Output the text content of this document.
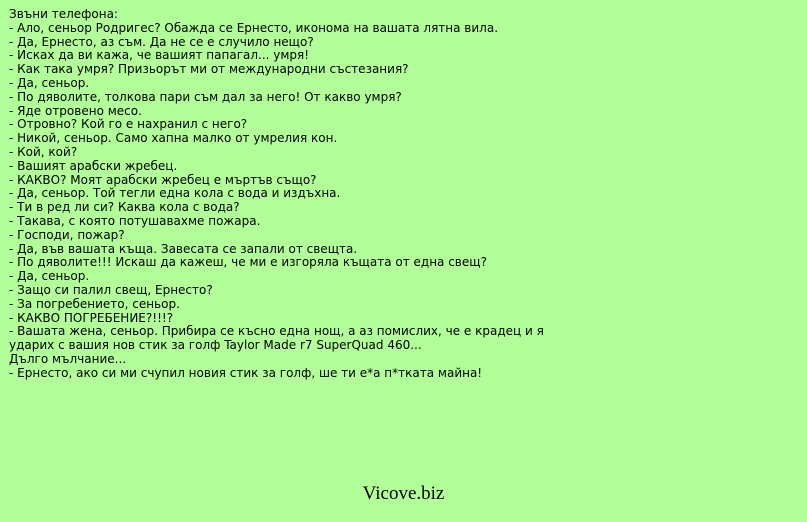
Звъни телефона:
- Ало, сеньор Родригес? Обажда се Ернесто, иконома на вашата лятна вила.
- Да, Ернесто, аз съм. Да не се е случило нещо?
- Исках да ви кажа, че вашият папагал... умря!
- Как така умря? Призьорът ми от международни състезания?
- Да, сеньор.
- По дяволите, толкова пари съм дал за него! От какво умря?
- Яде отровено месо.
- Отровно? Кой го е нахранил с него?
- Никой, сеньор. Само хапна малко от умрелия кон.
- Кой, кой?
- Вашият арабски жребец.
- КАКВО? Моят арабски жребец е мъртъв също?
- Да, сеньор. Той тегли една кола с вода и издъхна.
- Ти в ред ли си? Каква кола с вода?
- Такава, с която потушавахме пожара.
- Господи, пожар?
- Да, във вашата къща. Завесата се запали от свещта.
- По дяволите!!! Искаш да кажеш, че ми е изгоряла къщата от една свещ?
- Да, сеньор.
- Защо си палил свещ, Ернесто?
- За погребението, сеньор.
- КАКВО ПОГРЕБЕНИЕ?!!!?
- Вашата жена, сеньор. Прибира се късно една нощ, а аз помислих, че е крадец и я
ударих с вашия нов стик за голф Taylor Made r7 SuperQuad 460...
Дълго мълчание...
- Ернесто, ако си ми счупил новия стик за голф, ше ти е*а п*тката майна!
Vicove.biz
